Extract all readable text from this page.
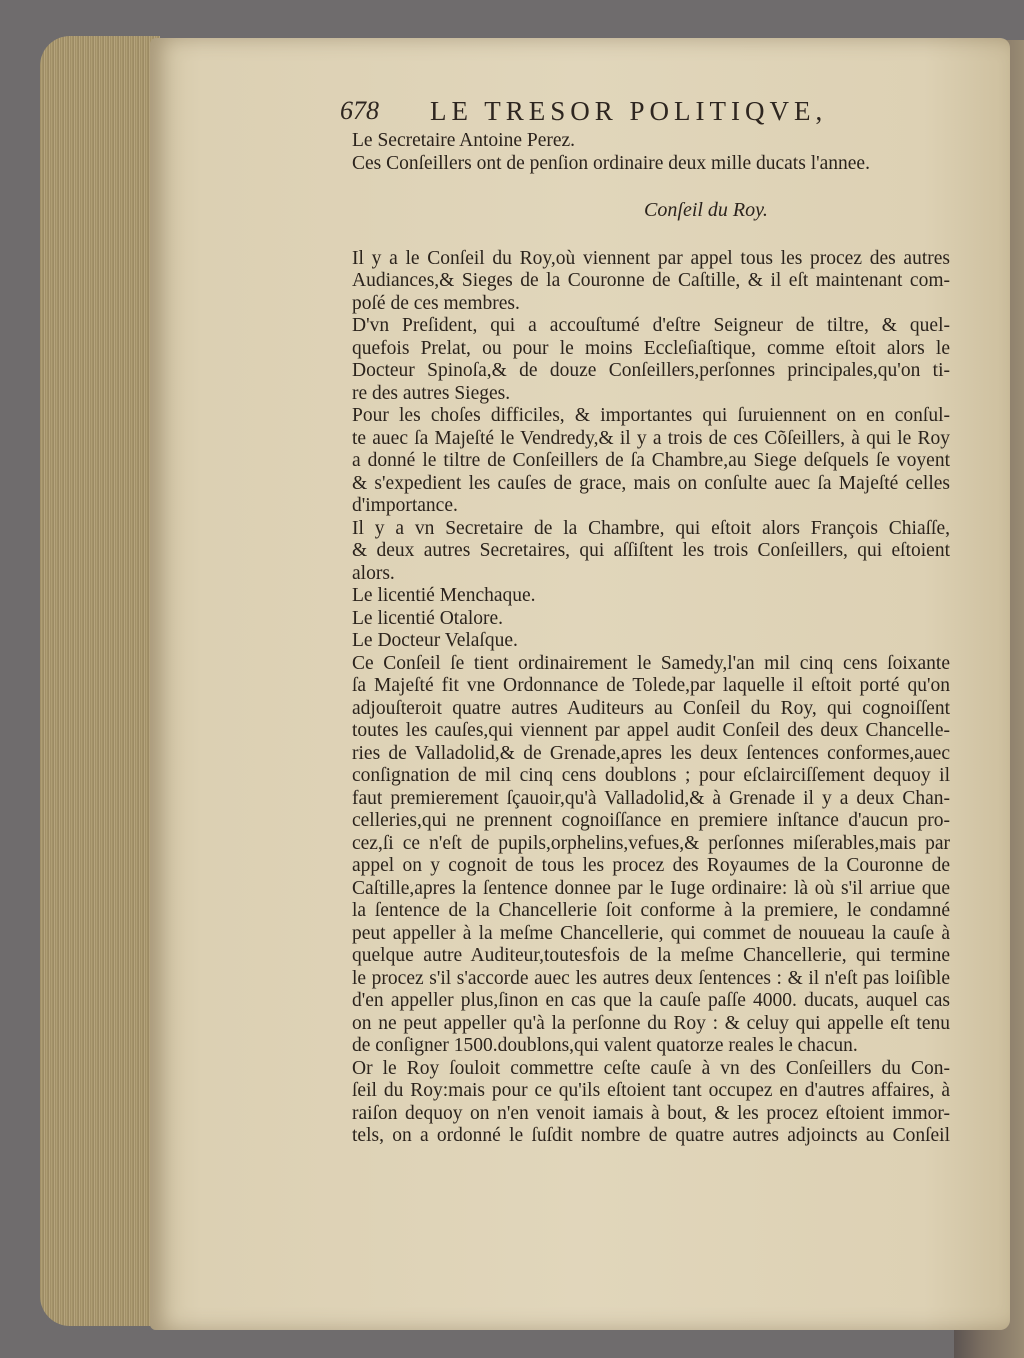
678 LE TRESOR POLITIQVE,
Le Secretaire Antoine Perez.
Ces Conſeillers ont de penſion ordinaire deux mille ducats l'annee.
Conſeil du Roy.
Il y a le Conſeil du Roy,où viennent par appel tous les procez des autres
Audiances,& Sieges de la Couronne de Caſtille, & il eſt maintenant com-
poſé de ces membres.
D'vn Preſident, qui a accouſtumé d'eſtre Seigneur de tiltre, & quel-
quefois Prelat, ou pour le moins Eccleſiaſtique, comme eſtoit alors le
Docteur Spinoſa,& de douze Conſeillers,perſonnes principales,qu'on ti-
re des autres Sieges.
Pour les choſes difficiles, & importantes qui ſuruiennent on en conſul-
te auec ſa Majeſté le Vendredy,& il y a trois de ces Cõſeillers, à qui le Roy
a donné le tiltre de Conſeillers de ſa Chambre,au Siege deſquels ſe voyent
& s'expedient les cauſes de grace, mais on conſulte auec ſa Majeſté celles
d'importance.
Il y a vn Secretaire de la Chambre, qui eſtoit alors François Chiaſſe,
& deux autres Secretaires, qui aſſiſtent les trois Conſeillers, qui eſtoient
alors.
Le licentié Menchaque.
Le licentié Otalore.
Le Docteur Velaſque.
Ce Conſeil ſe tient ordinairement le Samedy,l'an mil cinq cens ſoixante
ſa Majeſté fit vne Ordonnance de Tolede,par laquelle il eſtoit porté qu'on
adjouſteroit quatre autres Auditeurs au Conſeil du Roy, qui cognoiſſent
toutes les cauſes,qui viennent par appel audit Conſeil des deux Chancelle-
ries de Valladolid,& de Grenade,apres les deux ſentences conformes,auec
conſignation de mil cinq cens doublons ; pour eſclairciſſement dequoy il
faut premierement ſçauoir,qu'à Valladolid,& à Grenade il y a deux Chan-
celleries,qui ne prennent cognoiſſance en premiere inſtance d'aucun pro-
cez,ſi ce n'eſt de pupils,orphelins,vefues,& perſonnes miſerables,mais par
appel on y cognoit de tous les procez des Royaumes de la Couronne de
Caſtille,apres la ſentence donnee par le Iuge ordinaire: là où s'il arriue que
la ſentence de la Chancellerie ſoit conforme à la premiere, le condamné
peut appeller à la meſme Chancellerie, qui commet de nouueau la cauſe à
quelque autre Auditeur,toutesfois de la meſme Chancellerie, qui termine
le procez s'il s'accorde auec les autres deux ſentences : & il n'eſt pas loiſible
d'en appeller plus,ſinon en cas que la cauſe paſſe 4000. ducats, auquel cas
on ne peut appeller qu'à la perſonne du Roy : & celuy qui appelle eſt tenu
de conſigner 1500.doublons,qui valent quatorze reales le chacun.
Or le Roy ſouloit commettre ceſte cauſe à vn des Conſeillers du Con-
ſeil du Roy:mais pour ce qu'ils eſtoient tant occupez en d'autres affaires, à
raiſon dequoy on n'en venoit iamais à bout, & les procez eſtoient immor-
tels, on a ordonné le ſuſdit nombre de quatre autres adjoincts au Conſeil
